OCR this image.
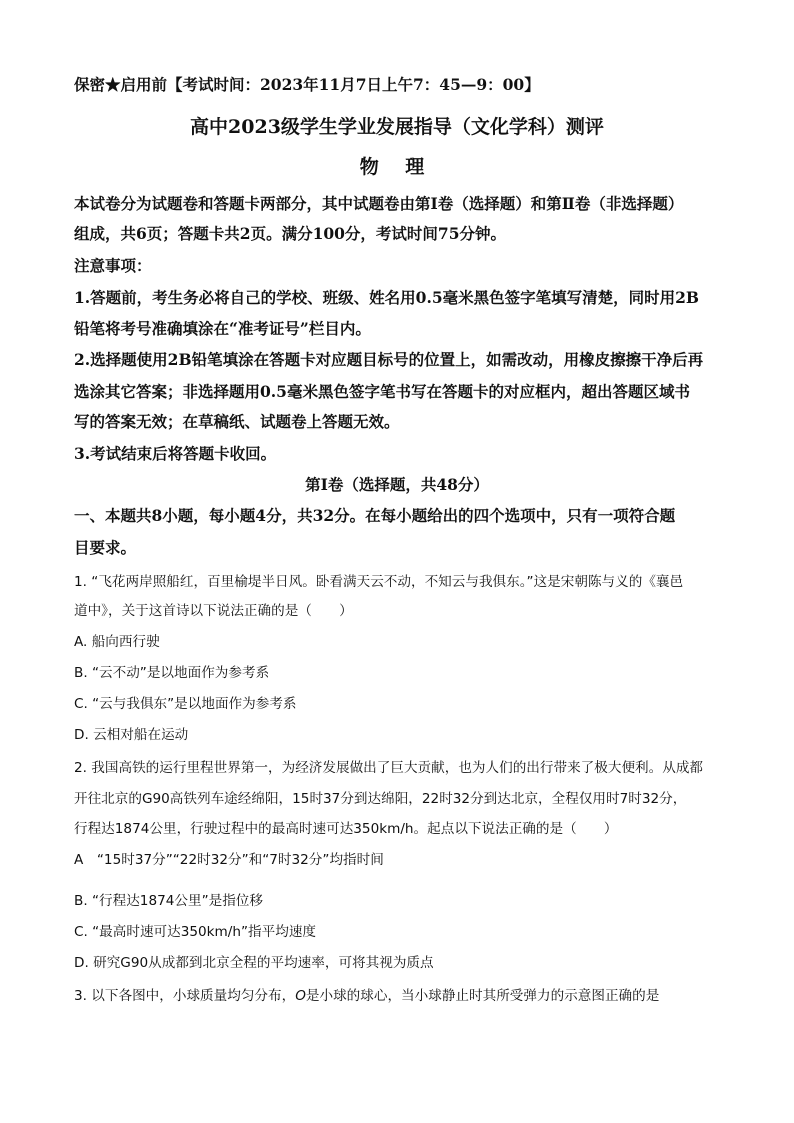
保密★启用前【考试时间：2023年11月7日上午7：45—9：00】
高中2023级学生学业发展指导（文化学科）测评
物 理
本试卷分为试题卷和答题卡两部分，其中试题卷由第Ⅰ卷（选择题）和第Ⅱ卷（非选择题）
组成，共6页；答题卡共2页。满分100分，考试时间75分钟。
注意事项：
1.答题前，考生务必将自己的学校、班级、姓名用0.5毫米黑色签字笔填写清楚，同时用2B
铅笔将考号准确填涂在“准考证号”栏目内。
2.选择题使用2B铅笔填涂在答题卡对应题目标号的位置上，如需改动，用橡皮擦擦干净后再
选涂其它答案；非选择题用0.5毫米黑色签字笔书写在答题卡的对应框内，超出答题区域书
写的答案无效；在草稿纸、试题卷上答题无效。
3.考试结束后将答题卡收回。
第Ⅰ卷（选择题，共48分）
一、本题共8小题，每小题4分，共32分。在每小题给出的四个选项中，只有一项符合题
目要求。
1. “飞花两岸照船红，百里榆堤半日风。卧看满天云不动，不知云与我俱东。”这是宋朝陈与义的《襄邑
道中》，关于这首诗以下说法正确的是（　　）
A. 船向西行驶
B. “云不动”是以地面作为参考系
C. “云与我俱东”是以地面作为参考系
D. 云相对船在运动
2. 我国高铁的运行里程世界第一，为经济发展做出了巨大贡献，也为人们的出行带来了极大便利。从成都
开往北京的G90高铁列车途经绵阳，15时37分到达绵阳，22时32分到达北京，全程仅用时7时32分，
行程达1874公里，行驶过程中的最高时速可达350km/h。起点以下说法正确的是（　　）
A　“15时37分”“22时32分”和“7时32分”均指时间
B. “行程达1874公里”是指位移
C. “最高时速可达350km/h”指平均速度
D. 研究G90从成都到北京全程的平均速率，可将其视为质点
3. 以下各图中，小球质量均匀分布，O是小球的球心，当小球静止时其所受弹力的示意图正确的是
